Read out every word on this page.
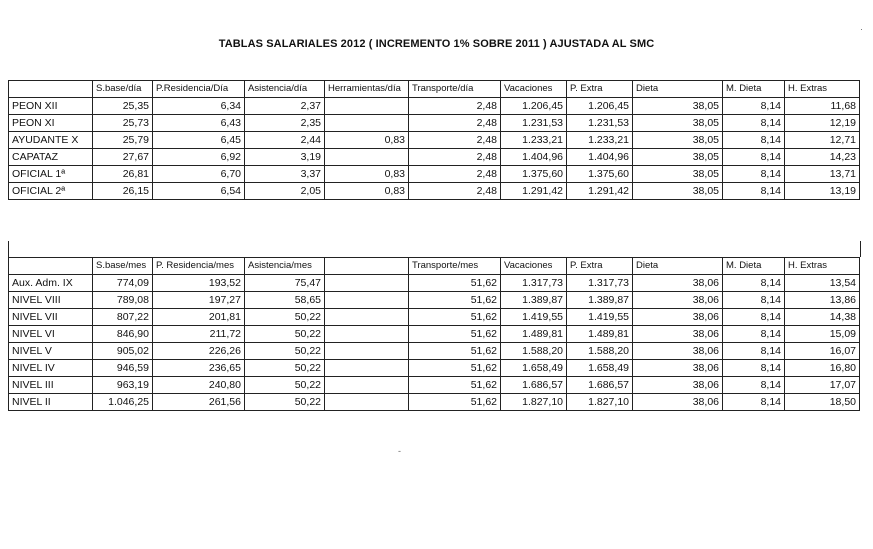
TABLAS SALARIALES 2012 ( INCREMENTO 1% SOBRE 2011 ) AJUSTADA AL SMC
	S.base/día	P.Residencia/Día	Asistencia/día	Herramientas/día	Transporte/día	Vacaciones	P. Extra	Dieta	M. Dieta	H. Extras
PEON XII	25,35	6,34	2,37		2,48	1.206,45	1.206,45	38,05	8,14	11,68
PEON XI	25,73	6,43	2,35		2,48	1.231,53	1.231,53	38,05	8,14	12,19
AYUDANTE X	25,79	6,45	2,44	0,83	2,48	1.233,21	1.233,21	38,05	8,14	12,71
CAPATAZ	27,67	6,92	3,19		2,48	1.404,96	1.404,96	38,05	8,14	14,23
OFICIAL 1ª	26,81	6,70	3,37	0,83	2,48	1.375,60	1.375,60	38,05	8,14	13,71
OFICIAL 2ª	26,15	6,54	2,05	0,83	2,48	1.291,42	1.291,42	38,05	8,14	13,19
	S.base/mes	P. Residencia/mes	Asistencia/mes		Transporte/mes	Vacaciones	P. Extra	Dieta	M. Dieta	H. Extras
Aux. Adm. IX	774,09	193,52	75,47		51,62	1.317,73	1.317,73	38,06	8,14	13,54
NIVEL VIII	789,08	197,27	58,65		51,62	1.389,87	1.389,87	38,06	8,14	13,86
NIVEL VII	807,22	201,81	50,22		51,62	1.419,55	1.419,55	38,06	8,14	14,38
NIVEL VI	846,90	211,72	50,22		51,62	1.489,81	1.489,81	38,06	8,14	15,09
NIVEL V	905,02	226,26	50,22		51,62	1.588,20	1.588,20	38,06	8,14	16,07
NIVEL IV	946,59	236,65	50,22		51,62	1.658,49	1.658,49	38,06	8,14	16,80
NIVEL III	963,19	240,80	50,22		51,62	1.686,57	1.686,57	38,06	8,14	17,07
NIVEL II	1.046,25	261,56	50,22		51,62	1.827,10	1.827,10	38,06	8,14	18,50
·
-
